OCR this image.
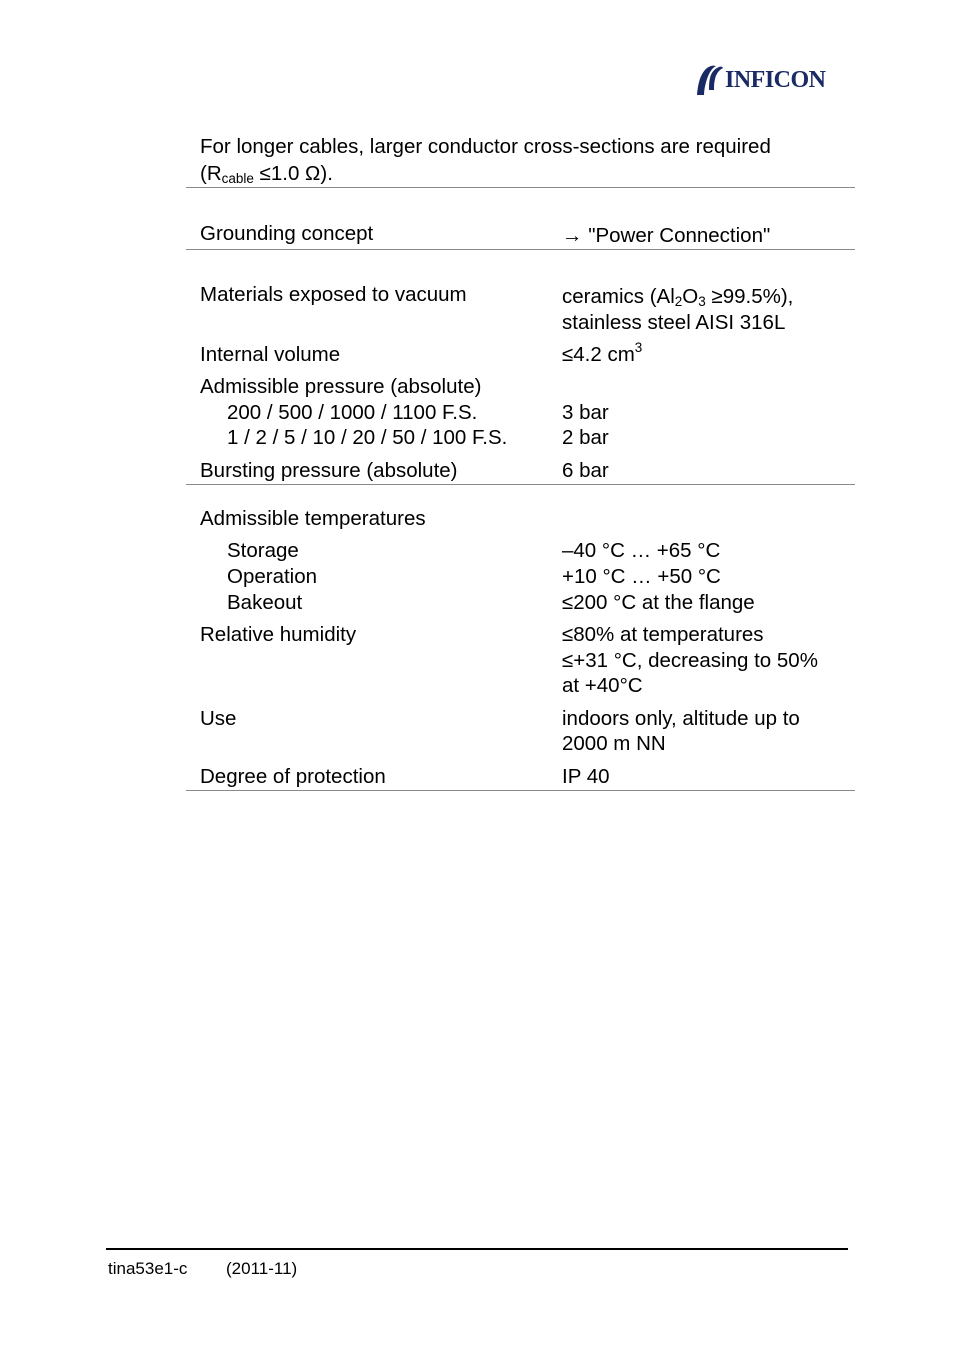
INFICON
For longer cables, larger conductor cross-sections are required
(Rcable ≤1.0 Ω).
Grounding concept	→ "Power Connection"
Materials exposed to vacuum	ceramics (Al2O3 ≥99.5%),
stainless steel AISI 316L
Internal volume	≤4.2 $cm^3$
Admissible pressure (absolute)
200 / 500 / 1000 / 1100 F.S.	3 bar
1 / 2 / 5 / 10 / 20 / 50 / 100 F.S.	2 bar
Bursting pressure (absolute)	6 bar
Admissible temperatures
Storage	–40 °C … +65 °C
Operation	+10 °C … +50 °C
Bakeout	≤200 °C at the flange
Relative humidity	≤80% at temperatures
≤+31 °C, decreasing to 50%
at +40°C
Use	indoors only, altitude up to
2000 m NN
Degree of protection	IP 40
tina53e1-c (2011-11)
